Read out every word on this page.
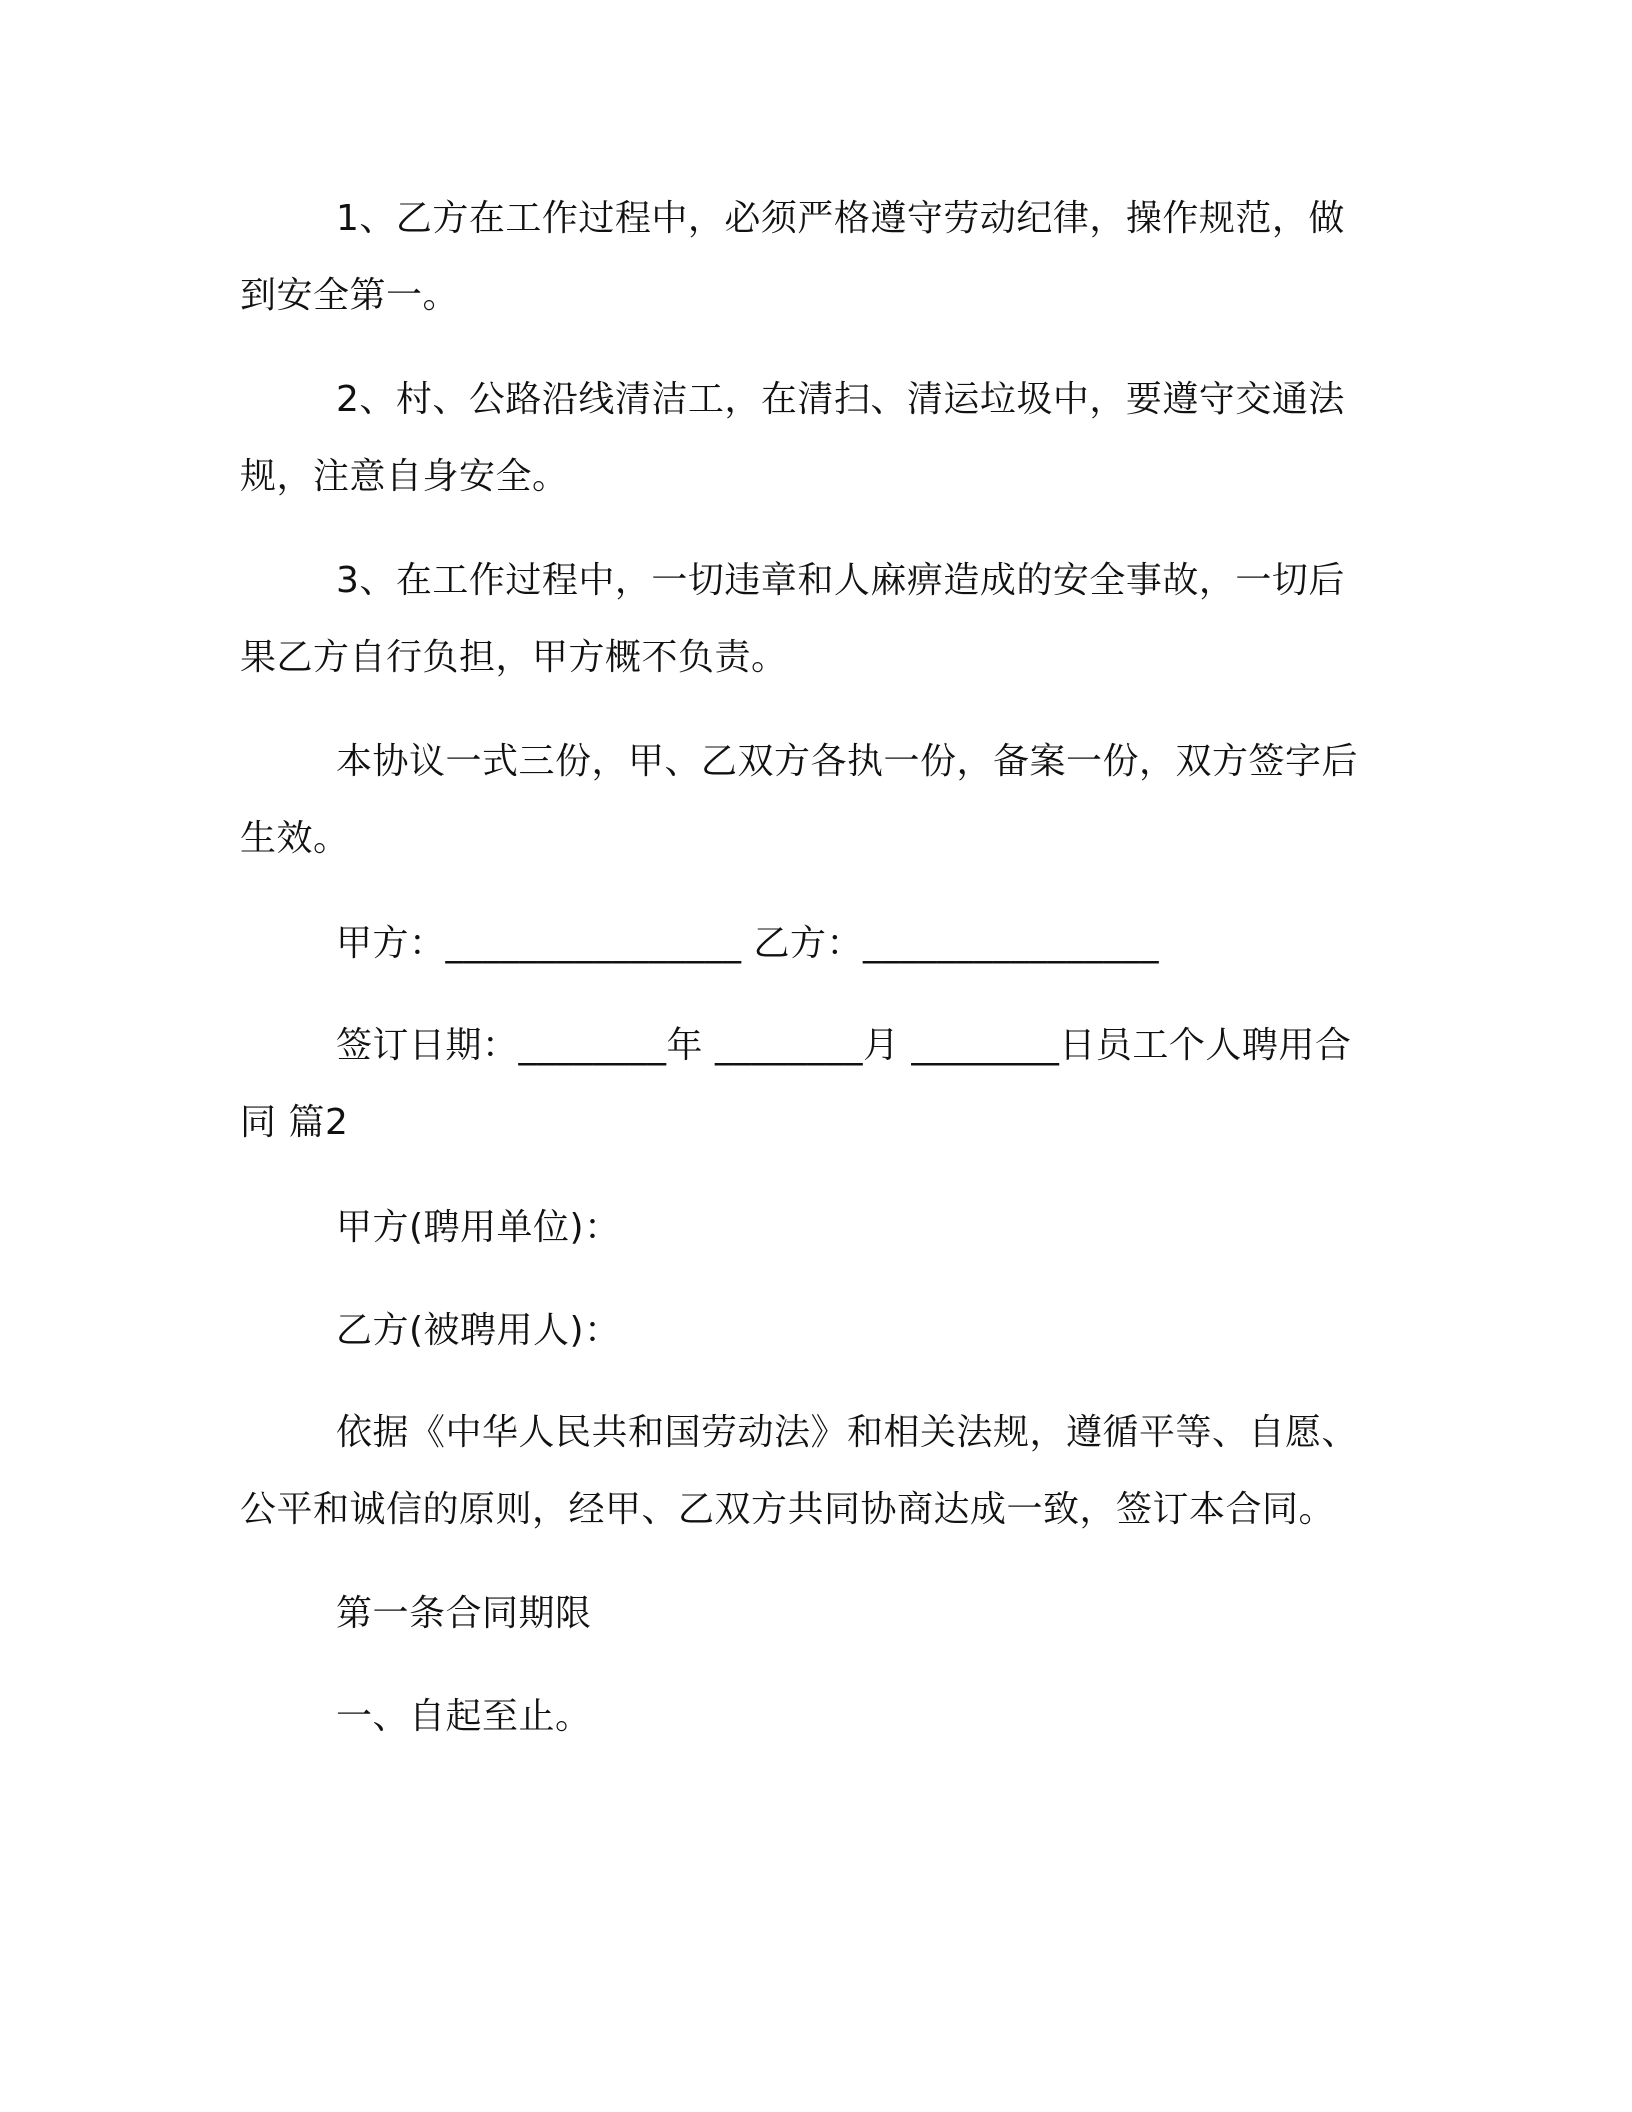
1、乙方在工作过程中，必须严格遵守劳动纪律，操作规范，做到安全第一。

2、村、公路沿线清洁工，在清扫、清运垃圾中，要遵守交通法规，注意自身安全。

3、在工作过程中，一切违章和人麻痹造成的安全事故，一切后果乙方自行负担，甲方概不负责。

本协议一式三份，甲、乙双方各执一份，备案一份，双方签字后生效。

甲方：________________ 乙方：________________

签订日期：________年 ________月 ________日员工个人聘用合同 篇2

甲方(聘用单位)：

乙方(被聘用人)：

依据《中华人民共和国劳动法》和相关法规，遵循平等、自愿、公平和诚信的原则，经甲、乙双方共同协商达成一致，签订本合同。

第一条合同期限

一、自起至止。
